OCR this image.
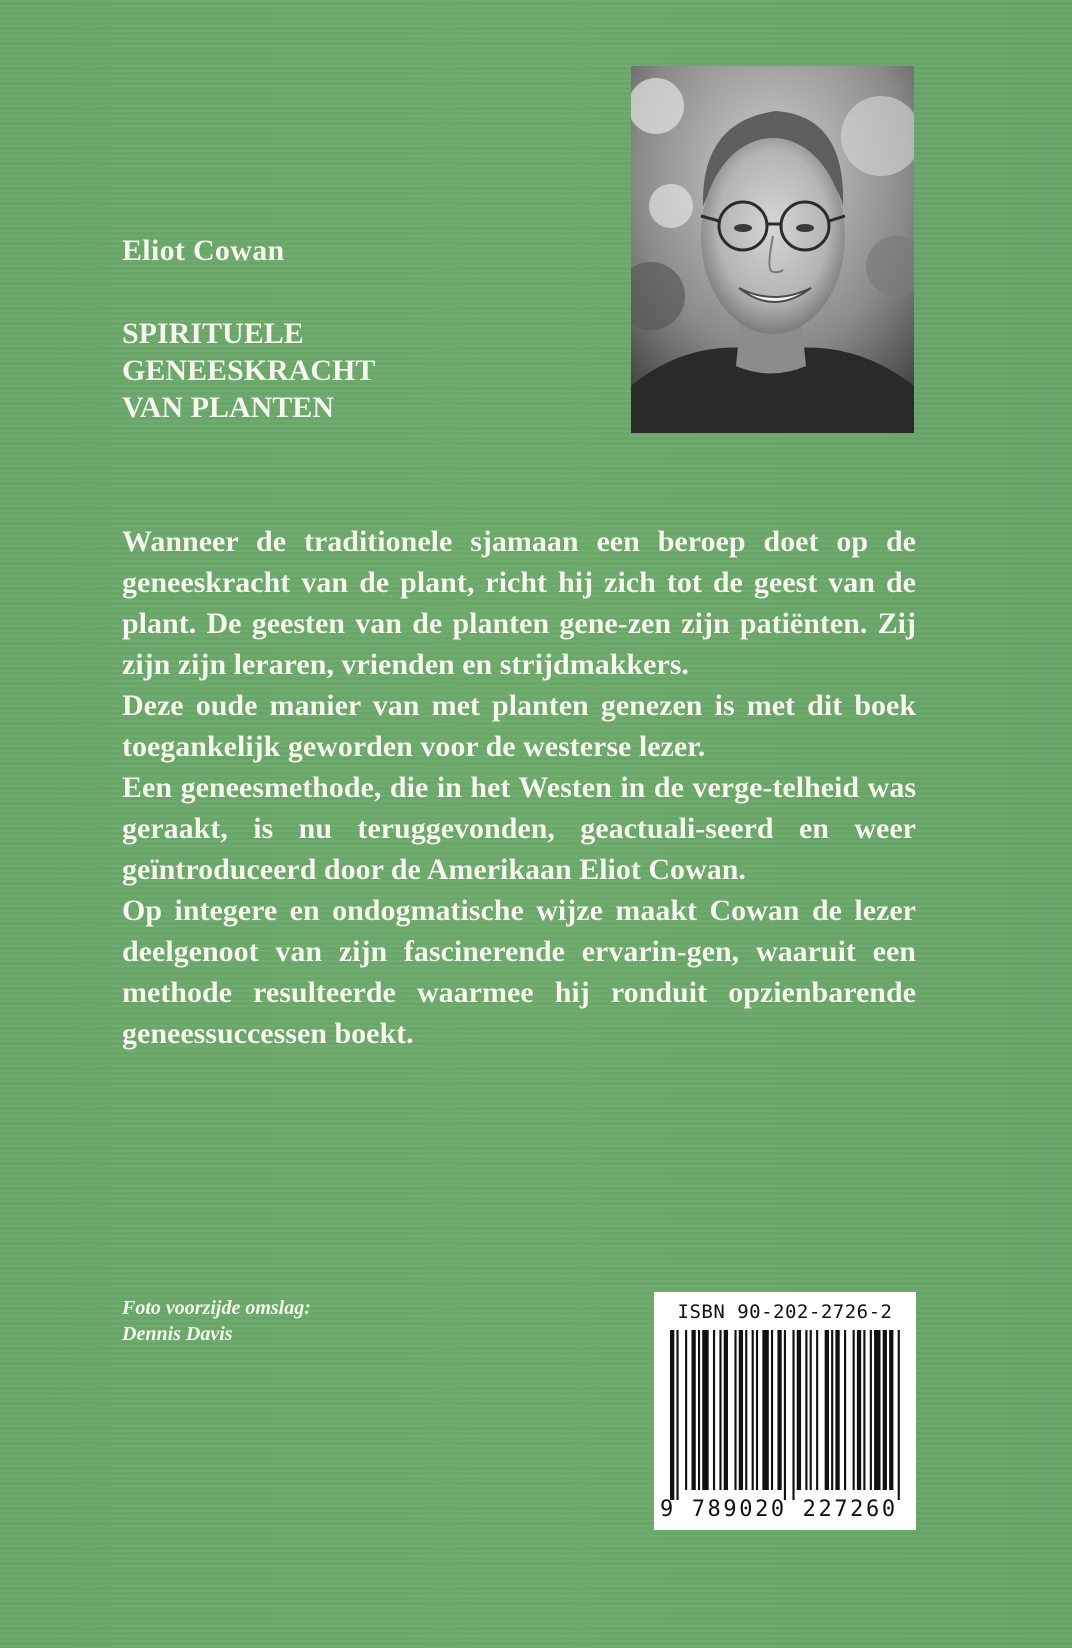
Eliot Cowan
SPIRITUELE
GENEESKRACHT
VAN PLANTEN

Wanneer de traditionele sjamaan een beroep doet op de geneeskracht van de plant, richt hij zich tot de geest van de plant. De geesten van de planten gene-zen zijn patiënten. Zij zijn zijn leraren, vrienden en strijdmakkers.

Deze oude manier van met planten genezen is met dit boek toegankelijk geworden voor de westerse lezer.

Een geneesmethode, die in het Westen in de verge-telheid was geraakt, is nu teruggevonden, geactuali-seerd en weer geïntroduceerd door de Amerikaan Eliot Cowan.

Op integere en ondogmatische wijze maakt Cowan de lezer deelgenoot van zijn fascinerende ervarin-gen, waaruit een methode resulteerde waarmee hij ronduit opzienbarende geneessuccessen boekt.

Foto voorzijde omslag:
Dennis Davis
ISBN 90-202-2726-2
9 789020 227260
